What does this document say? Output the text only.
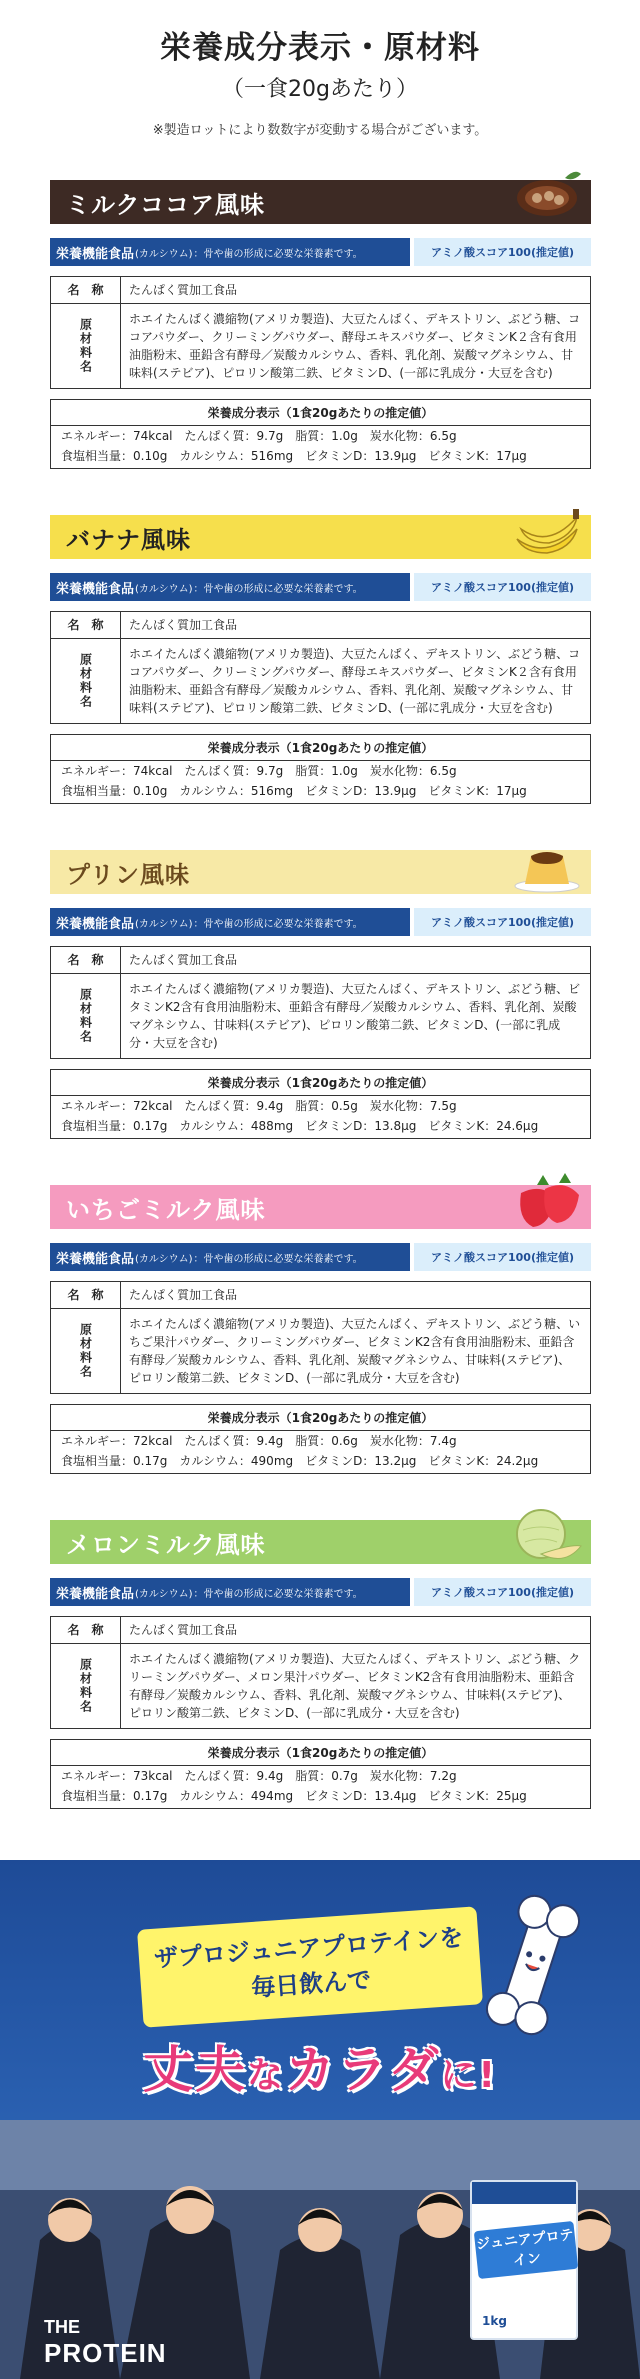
栄養成分表示・原材料
（一食20gあたり）
※製造ロットにより数数字が変動する場合がございます。
ミルクココア風味
栄養機能食品 (カルシウム) ：骨や歯の形成に必要な栄養素です。	アミノ酸スコア100(推定値)
名　称	たんぱく質加工食品
原材料名	ホエイたんぱく濃縮物(アメリカ製造)、大豆たんぱく、デキストリン、ぶどう糖、ココアパウダー、クリーミングパウダー、酵母エキスパウダー、ビタミンK２含有食用油脂粉末、亜鉛含有酵母／炭酸カルシウム、香料、乳化剤、炭酸マグネシウム、甘味料(ステビア)、ピロリン酸第二鉄、ビタミンD、(一部に乳成分・大豆を含む)
栄養成分表示（1食20gあたりの推定値）
エネルギー：74kcal　たんぱく質：9.7g　脂質：1.0g　炭水化物：6.5g
食塩相当量：0.10g　カルシウム：516mg　ビタミンD：13.9μg　ビタミンK：17μg
バナナ風味
栄養機能食品 (カルシウム) ：骨や歯の形成に必要な栄養素です。	アミノ酸スコア100(推定値)
名　称	たんぱく質加工食品
原材料名	ホエイたんぱく濃縮物(アメリカ製造)、大豆たんぱく、デキストリン、ぶどう糖、ココアパウダー、クリーミングパウダー、酵母エキスパウダー、ビタミンK２含有食用油脂粉末、亜鉛含有酵母／炭酸カルシウム、香料、乳化剤、炭酸マグネシウム、甘味料(ステビア)、ピロリン酸第二鉄、ビタミンD、(一部に乳成分・大豆を含む)
栄養成分表示（1食20gあたりの推定値）
エネルギー：74kcal　たんぱく質：9.7g　脂質：1.0g　炭水化物：6.5g
食塩相当量：0.10g　カルシウム：516mg　ビタミンD：13.9μg　ビタミンK：17μg
プリン風味
栄養機能食品 (カルシウム) ：骨や歯の形成に必要な栄養素です。	アミノ酸スコア100(推定値)
名　称	たんぱく質加工食品
原材料名	ホエイたんぱく濃縮物(アメリカ製造)、大豆たんぱく、デキストリン、ぶどう糖、ビタミンK2含有食用油脂粉末、亜鉛含有酵母／炭酸カルシウム、香料、乳化剤、炭酸マグネシウム、甘味料(ステビア)、ピロリン酸第二鉄、ビタミンD、(一部に乳成分・大豆を含む)
栄養成分表示（1食20gあたりの推定値）
エネルギー：72kcal　たんぱく質：9.4g　脂質：0.5g　炭水化物：7.5g
食塩相当量：0.17g　カルシウム：488mg　ビタミンD：13.8μg　ビタミンK：24.6μg
いちごミルク風味
栄養機能食品 (カルシウム) ：骨や歯の形成に必要な栄養素です。	アミノ酸スコア100(推定値)
名　称	たんぱく質加工食品
原材料名	ホエイたんぱく濃縮物(アメリカ製造)、大豆たんぱく、デキストリン、ぶどう糖、いちご果汁パウダー、クリーミングパウダー、ビタミンK2含有食用油脂粉末、亜鉛含有酵母／炭酸カルシウム、香料、乳化剤、炭酸マグネシウム、甘味料(ステビア)、ピロリン酸第二鉄、ビタミンD、(一部に乳成分・大豆を含む)
栄養成分表示（1食20gあたりの推定値）
エネルギー：72kcal　たんぱく質：9.4g　脂質：0.6g　炭水化物：7.4g
食塩相当量：0.17g　カルシウム：490mg　ビタミンD：13.2μg　ビタミンK：24.2μg
メロンミルク風味
栄養機能食品 (カルシウム) ：骨や歯の形成に必要な栄養素です。	アミノ酸スコア100(推定値)
名　称	たんぱく質加工食品
原材料名	ホエイたんぱく濃縮物(アメリカ製造)、大豆たんぱく、デキストリン、ぶどう糖、クリーミングパウダー、メロン果汁パウダー、ビタミンK2含有食用油脂粉末、亜鉛含有酵母／炭酸カルシウム、香料、乳化剤、炭酸マグネシウム、甘味料(ステビア)、ピロリン酸第二鉄、ビタミンD、(一部に乳成分・大豆を含む)
栄養成分表示（1食20gあたりの推定値）
エネルギー：73kcal　たんぱく質：9.4g　脂質：0.7g　炭水化物：7.2g
食塩相当量：0.17g　カルシウム：494mg　ビタミンD：13.4μg　ビタミンK：25μg
ザプロジュニアプロテインを
毎日飲んで
丈夫なカラダに!
ジュニアプロテイン
1kg
THE
PROTEIN
